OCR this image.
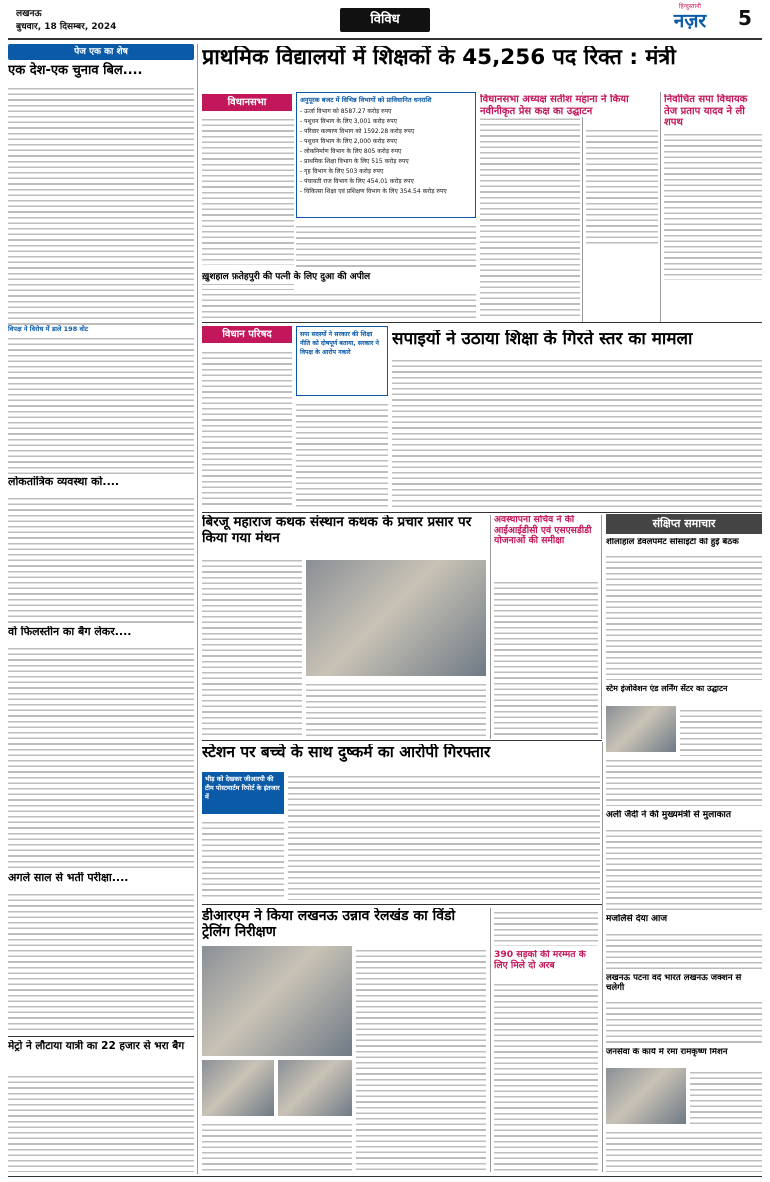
लखनऊ
बुधवार, 18 दिसम्बर, 2024	विविध
हिन्दुस्तानी
नज़र	5
पेज एक का शेष
एक देश-एक चुनाव बिल....
विपक्ष ने विरोध में डाले 198 वोट
लोकतांत्रिक व्यवस्था को....
वो फिलस्तीन का बैग लेकर....
अगले साल से भर्ती परीक्षा....
मेट्रो ने लौटाया यात्री का 22 हजार से भरा बैग
प्राथमिक विद्यालयों में शिक्षकों के 45,256 पद रिक्त : मंत्री
विधानसभा	अनुपूरक बजट में विभिन्न विभागों को प्राविधानित धनराशि
- ऊर्जा विभाग को 8587.27 करोड़ रुपए
- पशुधन विभाग के लिए 3,001 करोड़ रुपए
- परिवार कल्याण विभाग को 1592.28 करोड़ रुपए
- पशुधन विभाग के लिए 2,000 करोड़ रुपए
- लोकनिर्माण विभाग के लिए 805 करोड़ रुपए
- प्राथमिक शिक्षा विभाग के लिए 515 करोड़ रुपए
- गृह विभाग के लिए 503 करोड़ रुपए
- पंचायती राज विभाग के लिए 454.01 करोड़ रुपए
- चिकित्सा शिक्षा एवं प्रशिक्षण विभाग के लिए 354.54 करोड़ रुपए
ख़ुशहाल फ़तेहपुरी की पत्नी के लिए दुआ की अपील
विधानसभा अध्यक्ष सतीश महाना ने किया नवीनीकृत प्रेस कक्ष का उद्घाटन
निर्वाचित सपा विधायक तेज प्रताप यादव ने ली शपथ
विधान परिषद	सपा सदस्यों ने सरकार की शिक्षा नीति को दोषपूर्ण बताया, सरकार ने विपक्ष के आरोप नकारे
सपाइयों ने उठाया शिक्षा के गिरते स्तर का मामला
बिरजू महाराज कथक संस्थान कथक के प्रचार प्रसार पर किया गया मंथन
अवस्थापना सचिव ने की आईआईडीसी एवं एसएसडीडी योजनाओं की समीक्षा
संक्षिप्त समाचार
शीलाहाल डेवलपमेंट सोसाइटी की हुई बैठक
स्टेम इंजोवेशन एंड लर्निंग सेंटर का उद्घाटन
अली जैदी ने की मुख्यमंत्री से मुलाकात
मजलिसे देया आज
लखनऊ पटना वंदे भारत लखनऊ जंक्शन से चलेगी
जनसेवा के कार्य में रमा रामकृष्ण मिशन
स्टेशन पर बच्चे के साथ दुष्कर्म का आरोपी गिरफ्तार
भीड़ को देखकर जीआरपी की टीम पोस्टमार्टम रिपोर्ट के इंतजार में
डीआरएम ने किया लखनऊ उन्नाव रेलखंड का विंडो ट्रेलिंग निरीक्षण
390 सड़कों की मरम्मत के लिए मिले दो अरब
